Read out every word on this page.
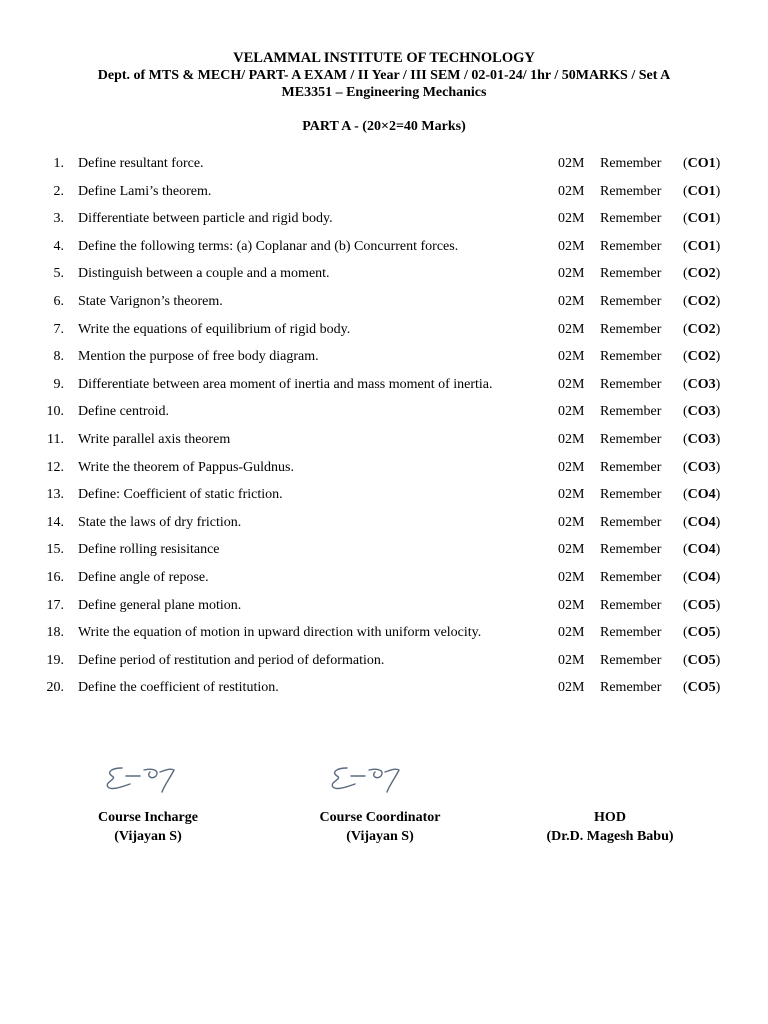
VELAMMAL INSTITUTE OF TECHNOLOGY
Dept. of MTS & MECH/ PART- A EXAM / II Year / III SEM / 02-01-24/ 1hr / 50MARKS / Set A
ME3351 – Engineering Mechanics
PART A - (20×2=40 Marks)
1. Define resultant force.	02M Remember (CO1)
2. Define Lami’s theorem.	02M Remember (CO1)
3. Differentiate between particle and rigid body.	02M Remember (CO1)
4. Define the following terms: (a) Coplanar and (b) Concurrent forces.	02M Remember (CO1)
5. Distinguish between a couple and a moment.	02M Remember (CO2)
6. State Varignon’s theorem.	02M Remember (CO2)
7. Write the equations of equilibrium of rigid body.	02M Remember (CO2)
8. Mention the purpose of free body diagram.	02M Remember (CO2)
9. Differentiate between area moment of inertia and mass moment of inertia.	02M Remember (CO3)
10. Define centroid.	02M Remember (CO3)
11. Write parallel axis theorem	02M Remember (CO3)
12. Write the theorem of Pappus-Guldnus.	02M Remember (CO3)
13. Define: Coefficient of static friction.	02M Remember (CO4)
14. State the laws of dry friction.	02M Remember (CO4)
15. Define rolling resisitance	02M Remember (CO4)
16. Define angle of repose.	02M Remember (CO4)
17. Define general plane motion.	02M Remember (CO5)
18. Write the equation of motion in upward direction with uniform velocity.	02M Remember (CO5)
19. Define period of restitution and period of deformation.	02M Remember (CO5)
20. Define the coefficient of restitution.	02M Remember (CO5)
Course Incharge
(Vijayan S)
Course Coordinator
(Vijayan S)
HOD
(Dr.D. Magesh Babu)
